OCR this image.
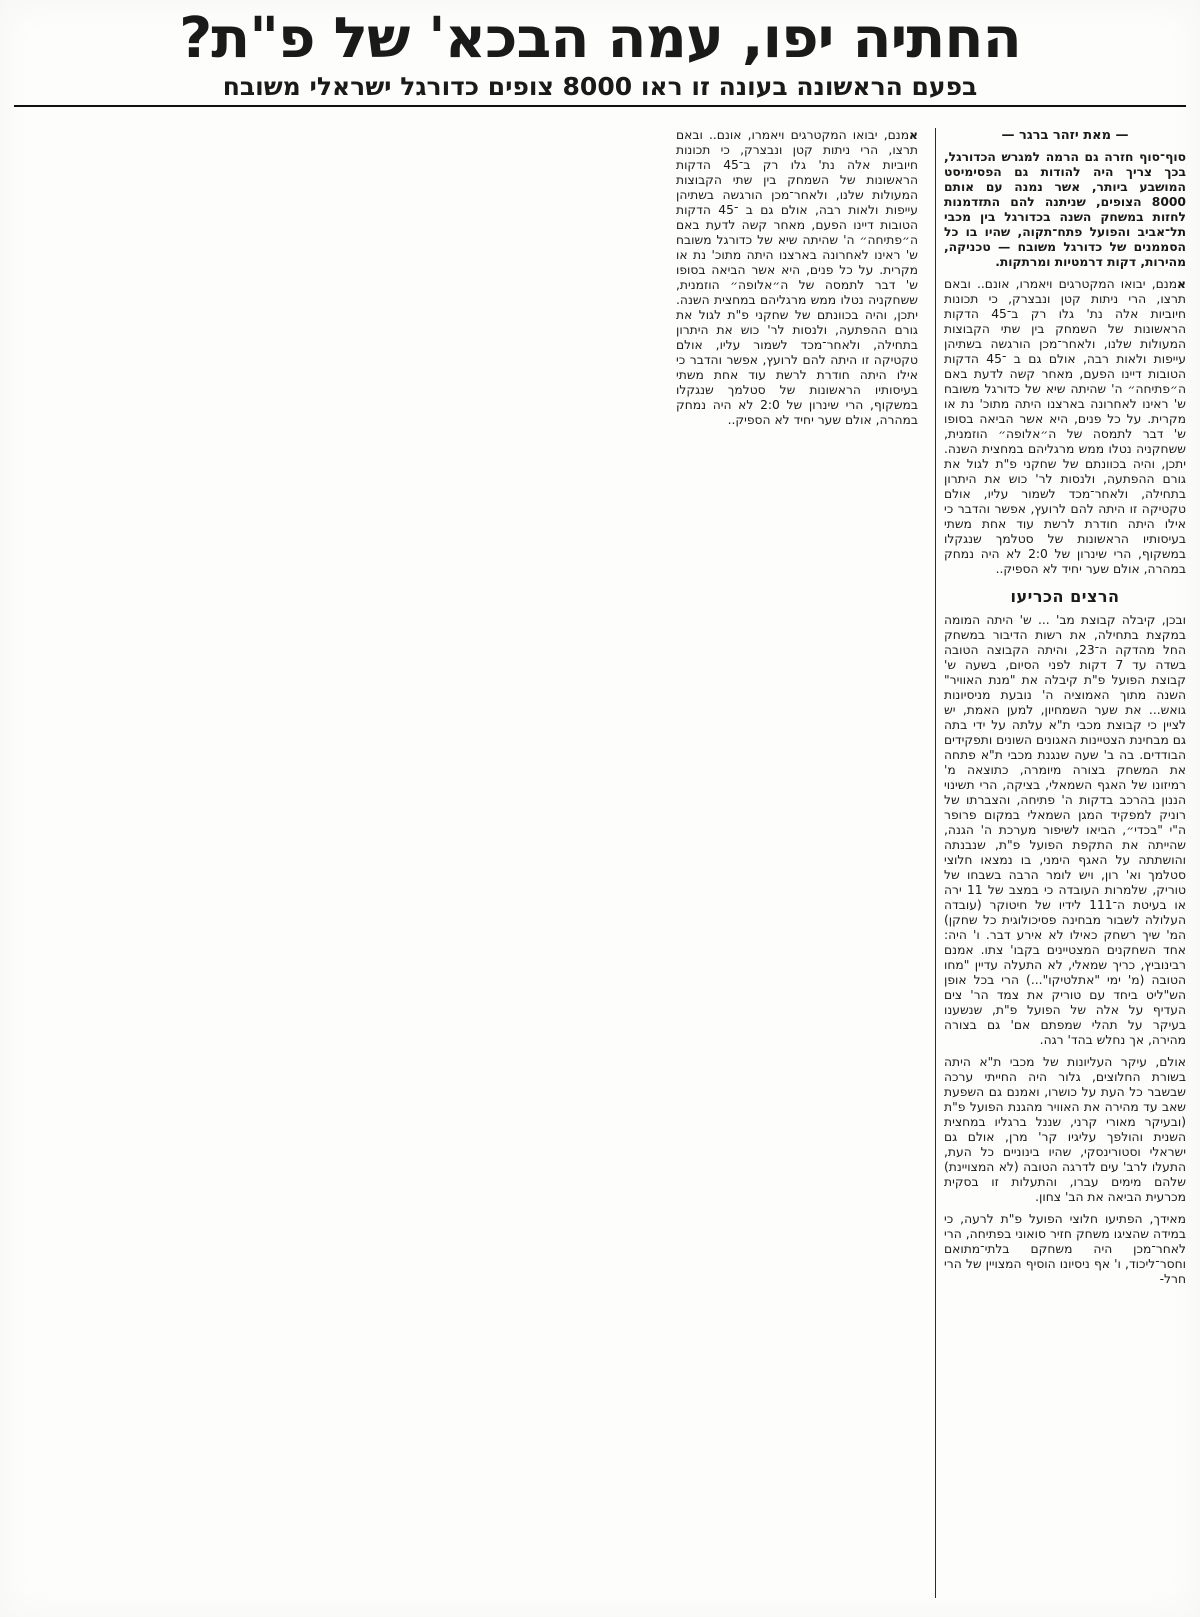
החתיה יפו, עמה הבכא' של פ"ת?
בפעם הראשונה בעונה זו ראו 8000 צופים כדורגל ישראלי משובח
— מאת יזהר ברגר —

סוף־סוף חזרה גם הרמה למגרש הכדורגל, בכך צריך היה להודות גם הפסימיסט המושבע ביותר, אשר נמנה עם אותם 8000 הצופים, שניתנה להם התזדמנות לחזות במשחק השנה בכדורגל בין מכבי תל־אביב והפועל פתח־תקוה, שהיו בו כל הסממנים של כדורגל משובח — טכניקה, מהירות, דקות דרמטיות ומרתקות.

אמנם, יבואו המקטרגים ויאמרו, אונם.. ובאם תרצו, הרי ניתות קטן ונבצרק, כי תכונות חיוביות אלה נת' גלו רק ב־45 הדקות הראשונות של השמחק בין שתי הקבוצות המעולות שלנו, ולאחר־מכן הורגשה בשתיהן עייפות ולאות רבה, אולם גם ב ־45 הדקות הטובות דיינו הפעם, מאחר קשה לדעת באם ה״פתיחה״ ה' שהיתה שיא של כדורגל משובח ש' ראינו לאחרונה בארצנו היתה מתוכ' נת או מקרית. על כל פנים, היא אשר הביאה בסופו ש' דבר לתמסה של ה״אלופה״ הוזמנית, ששחקניה נטלו ממש מרגליהם במחצית השנה. יתכן, והיה בכוונתם של שחקני פ"ת לגול את גורם ההפתעה, ולנסות לר' כוש את היתרון בתחילה, ולאחר־מכד לשמור עליו, אולם טקטיקה זו היתה להם לרועץ, אפשר והדבר כי אילו היתה חודרת לרשת עוד אחת משתי בעיסותיו הראשונות של סטלמך שנגקלו במשקוף, הרי שינרון של 2:0 לא היה נמחק במהרה, אולם שער יחיד לא הספיק..

הרצים הכריעו

ובכן, קיבלה קבוצת מב' ... ש' היתה המומה במקצת בתחילה, את רשות הדיבור במשחק החל מהדקה ה־23, והיתה הקבוצה הטובה בשדה עד 7 דקות לפני הסיום, בשעה ש' קבוצת הפועל פ"ת קיבלה את "מנת האוויר" השנה מתוך האמוציה ה' נובעת מניסיונות גואש... את שער השמחיון, למען האמת, יש לציין כי קבוצת מכבי ת"א עלתה על ידי בתה גם מבחינת הצטיינות האגונים השונים ותפקידים הבודדים. בה ב' שעה שנגנת מכבי ת"א פתחה את המשחק בצורה מיומרה, כתוצאה מ' רמיזונו של האגף השמאלי, בציקה, הרי תשינוי הננון בהרכב בדקות ה' פתיחה, והצברתו של רוניק למפקיד המגן השמאלי במקום פרופר ה"י "בכדי״, הביאו לשיפור מערכת ה' הגנה, שהייתה את התקפת הפועל פ"ת, שנבנתה והושתתה על האגף הימני, בו נמצאו חלוצי סטלמך וא' רון, ויש לומר הרבה בשבחו של טוריק, שלמרות העובדה כי במצב של 11 ירה או בעיטת ה־111 לידיו של חיטוקר (עובדה העלולה לשבור מבחינה פסיכולוגית כל שחקן) המ' שיך רשחק כאילו לא אירע דבר. ו' היה: אחד השחקנים המצטיינים בקבו' צתו. אמנם רבינוביץ, כריך שמאלי, לא התעלה עדיין "מחו הטובה (מ' ימי "אתלטיקו"...) הרי בכל אופן הש"ליט ביחד עם טוריק את צמד הר' צים העדיף על אלה של הפועל פ"ת, שנשענו בעיקר על תהלי שמפתם אם' גם בצורה מהירה, אך נחלש בהד' רגה.

אולם, עיקר העליונות של מכבי ת"א היתה בשורת החלוצים, גלור היה החייתי ערכה שבשבר כל העת על כושרו, ואמנם גם השפעת שאב עד מהירה את האוויר מהגנת הפועל פ"ת (ובעיקר מאורי קרני, שננל ברגליו במחצית השנית והולפך עליגיו קר' מרן, אולם גם ישראלי וסטורינסקי, שהיו בינוניים כל העת, התעלו לרב' עים לדרגה הטובה (לא המצויינת) שלהם מימים עברו, והתעלות זו בסקית מכרעית הביאה את הב' צחון.

מאידך, הפתיעו חלוצי הפועל פ"ת לרעה, כי במידה שהציגו משחק חזיר סואוני בפתיחה, הרי לאחר־מכן היה משחקם בלתי־מתואם וחסר־ליכוד, ו' אף ניסיונו הוסיף המצויין של הרי חרל-

אמנם, יבואו המקטרגים ויאמרו, אונם.. ובאם תרצו, הרי ניתות קטן ונבצרק, כי תכונות חיוביות אלה נת' גלו רק ב־45 הדקות הראשונות של השמחק בין שתי הקבוצות המעולות שלנו, ולאחר־מכן הורגשה בשתיהן עייפות ולאות רבה, אולם גם ב ־45 הדקות הטובות דיינו הפעם, מאחר קשה לדעת באם ה״פתיחה״ ה' שהיתה שיא של כדורגל משובח ש' ראינו לאחרונה בארצנו היתה מתוכ' נת או מקרית. על כל פנים, היא אשר הביאה בסופו ש' דבר לתמסה של ה״אלופה״ הוזמנית, ששחקניה נטלו ממש מרגליהם במחצית השנה. יתכן, והיה בכוונתם של שחקני פ"ת לגול את גורם ההפתעה, ולנסות לר' כוש את היתרון בתחילה, ולאחר־מכד לשמור עליו, אולם טקטיקה זו היתה להם לרועץ, אפשר והדבר כי אילו היתה חודרת לרשת עוד אחת משתי בעיסותיו הראשונות של סטלמך שנגקלו במשקוף, הרי שינרון של 2:0 לא היה נמחק במהרה, אולם שער יחיד לא הספיק..
